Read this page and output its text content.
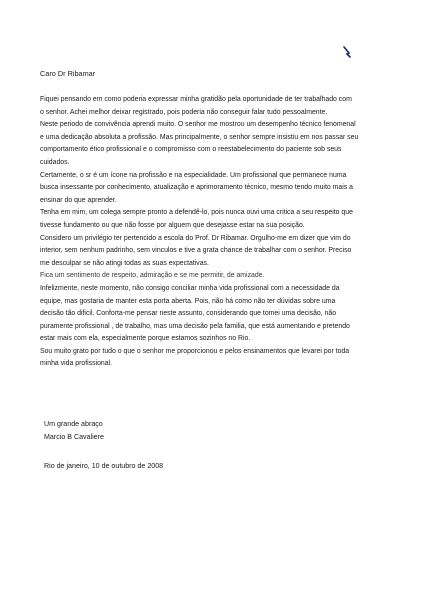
Caro Dr Ribamar
Fiquei pensando em como poderia expressar minha gratidão pela oportunidade de ter trabalhado com
o senhor. Achei melhor deixar registrado, pois poderia não conseguir falar tudo pessoalmente.
Neste periodo de convivência aprendi muito. O senhor me mostrou um desempenho técnico fenomenal
e uma dedicação absoluta a profissão. Mas principalmente, o senhor sempre insistiu em nos passar seu
comportamento ético profissional e o compromisso com o reestabelecimento do paciente sob seus
cuidados.
Certamente, o sr é um ícone na profissão e na especialidade. Um profissional que permanece numa
busca insessante por conhecimento, atualização e aprimoramento técnico, mesmo tendo muito mais a
ensinar do que aprender.
Tenha em mim, um colega sempre pronto a defendê-lo, pois nunca ouvi uma critica a seu respeito que
tivesse fundamento ou que não fosse por alguem que desejasse estar na sua posição.
Considero um privilégio ter pertencido a escola do Prof. Dr Ribamar. Orgulho-me em dizer que vim do
interior, sem nenhum padrinho, sem vinculos e tive a grata chance de trabalhar com o senhor. Preciso
me desculpar se não atingi todas as suas expectativas.
Fica um sentimento de respeito, admiração e se me permitir, de amizade.
Infelizmente, neste momento, não consigo conciliar minha vida profissional com a necessidade da
equipe, mas gostaria de manter esta porta aberta. Pois, não há como não ter dúvidas sobre uma
decisão tão dificil. Conforta-me pensar neste assunto, considerando que tomei uma decisão, não
puramente profissional , de trabalho, mas uma decisão pela familia, que está aumentando e pretendo
estar mais com ela, especialmente porque estamos sozinhos no Rio.
Sou muito grato por tudo o que o senhor me proporcionou e pelos ensinamentos que levarei por toda
minha vida profissional.
Um grande abraço
Marcio B Cavaliere
Rio de janeiro, 10 de outubro de 2008
